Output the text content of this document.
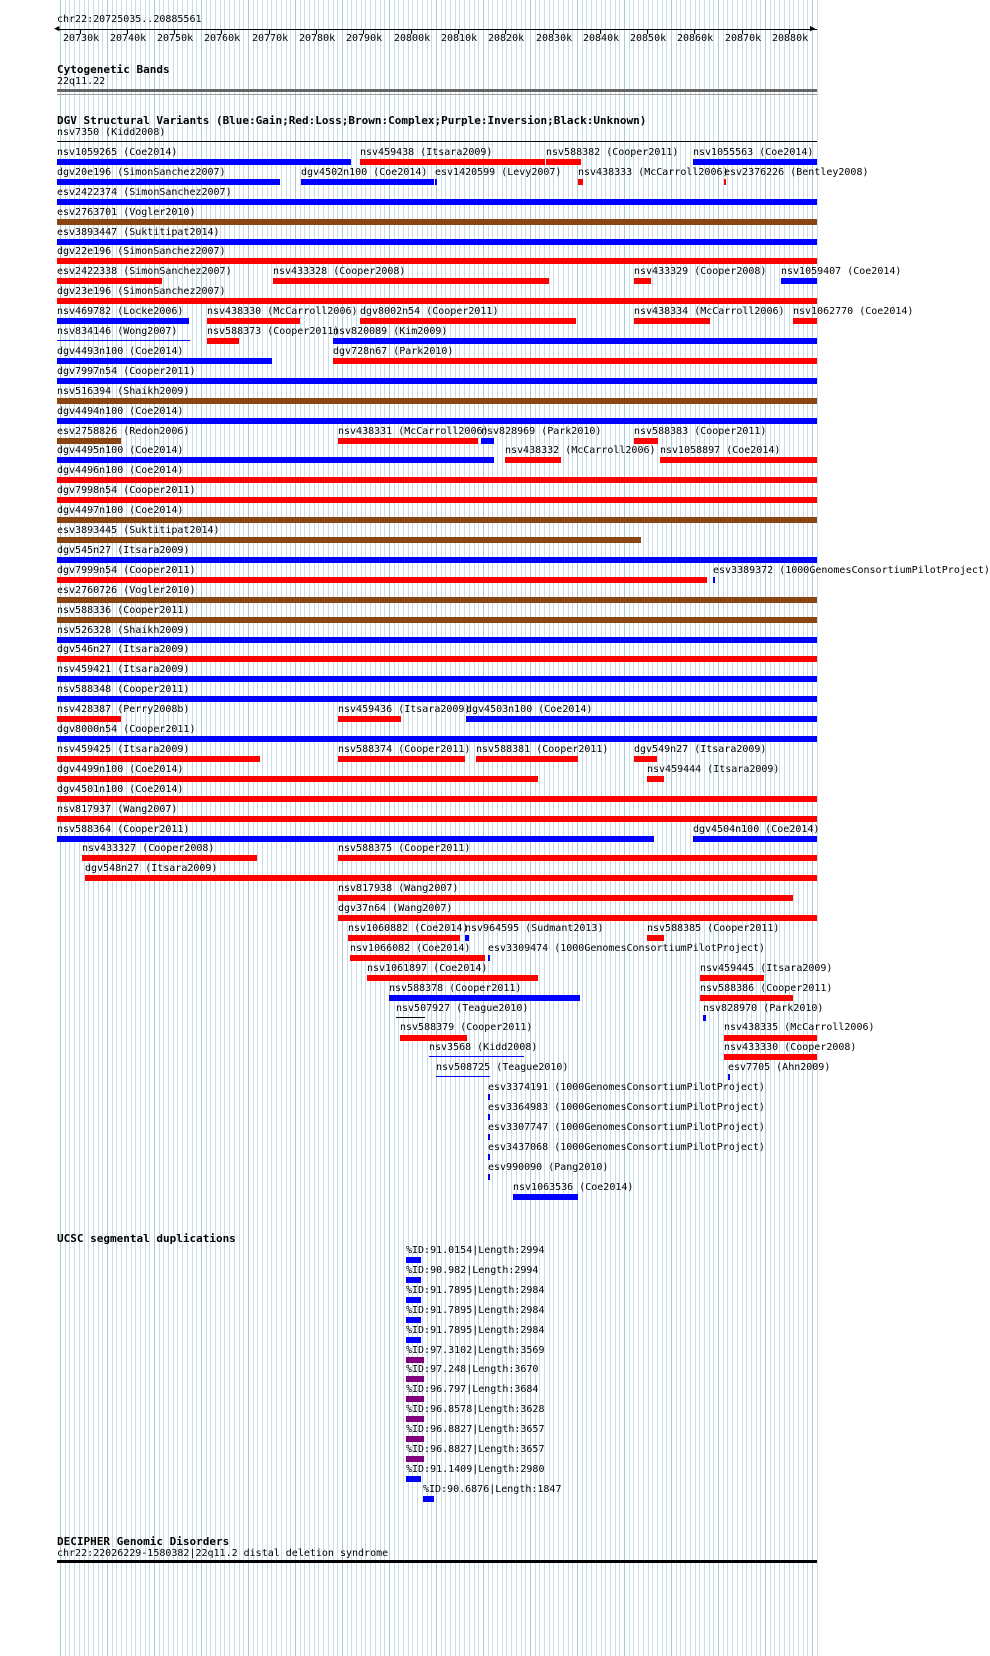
chr22:20725035..20885561
◀	▶
20730k 20740k 20750k 20760k 20770k 20780k 20790k 20800k 20810k 20820k 20830k 20840k 20850k 20860k 20870k 20880k
Cytogenetic Bands
22q11.22
DGV Structural Variants (Blue:Gain;Red:Loss;Brown:Complex;Purple:Inversion;Black:Unknown)
nsv7350 (Kidd2008)
nsv1059265 (Coe2014)	nsv459438 (Itsara2009)	nsv588382 (Cooper2011) nsv1055563 (Coe2014)
dgv20e196 (SimonSanchez2007)	dgv4502n100 (Coe2014) esv1420599 (Levy2007) nsv438333 (McCarroll2006)
esv2376226 (Bentley2008)
esv2422374 (SimonSanchez2007)
esv2763701 (Vogler2010)
esv3893447 (Suktitipat2014)
dgv22e196 (SimonSanchez2007)
esv2422338 (SimonSanchez2007)	nsv433328 (Cooper2008)	nsv433329 (Cooper2008) nsv1059407 (Coe2014)
dgv23e196 (SimonSanchez2007)
nsv469782 (Locke2006) nsv438330 (McCarroll2006) dgv8002n54 (Cooper2011)	nsv438334 (McCarroll2006) nsv1062770 (Coe2014)
nsv834146 (Wong2007)	nsv588373 (Cooper2011)
nsv820089 (Kim2009)
dgv4493n100 (Coe2014)	dgv728n67 (Park2010)
dgv7997n54 (Cooper2011)
nsv516394 (Shaikh2009)
dgv4494n100 (Coe2014)
esv2758826 (Redon2006)	nsv438331 (McCarroll2006)
nsv828969 (Park2010)	nsv588383 (Cooper2011)
dgv4495n100 (Coe2014)	nsv438332 (McCarroll2006) nsv1058897 (Coe2014)
dgv4496n100 (Coe2014)
dgv7998n54 (Cooper2011)
dgv4497n100 (Coe2014)
esv3893445 (Suktitipat2014)
dgv545n27 (Itsara2009)
dgv7999n54 (Cooper2011)	esv3389372 (1000GenomesConsortiumPilotProject)
esv2760726 (Vogler2010)
nsv588336 (Cooper2011)
nsv526328 (Shaikh2009)
dgv546n27 (Itsara2009)
nsv459421 (Itsara2009)
nsv588348 (Cooper2011)
nsv428387 (Perry2008b)	nsv459436 (Itsara2009)
dgv4503n100 (Coe2014)
dgv8000n54 (Cooper2011)
nsv459425 (Itsara2009)	nsv588374 (Cooper2011) nsv588381 (Cooper2011)	dgv549n27 (Itsara2009)
dgv4499n100 (Coe2014)	nsv459444 (Itsara2009)
dgv4501n100 (Coe2014)
nsv817937 (Wang2007)
nsv588364 (Cooper2011)	dgv4504n100 (Coe2014)
nsv433327 (Cooper2008)	nsv588375 (Cooper2011)
dgv548n27 (Itsara2009)
nsv817938 (Wang2007)
dgv37n64 (Wang2007)
nsv1060882 (Coe2014)
nsv964595 (Sudmant2013)	nsv588385 (Cooper2011)
nsv1066082 (Coe2014) esv3309474 (1000GenomesConsortiumPilotProject)
nsv1061897 (Coe2014)	nsv459445 (Itsara2009)
nsv588378 (Cooper2011)	nsv588386 (Cooper2011)
nsv507927 (Teague2010)	nsv828970 (Park2010)
nsv588379 (Cooper2011)	nsv438335 (McCarroll2006)
nsv3568 (Kidd2008)	nsv433330 (Cooper2008)
nsv508725 (Teague2010)	esv7705 (Ahn2009)
esv3374191 (1000GenomesConsortiumPilotProject)
esv3364983 (1000GenomesConsortiumPilotProject)
esv3307747 (1000GenomesConsortiumPilotProject)
esv3437068 (1000GenomesConsortiumPilotProject)
esv990090 (Pang2010)
nsv1063536 (Coe2014)
UCSC segmental duplications
%ID:91.0154|Length:2994
%ID:90.982|Length:2994
%ID:91.7895|Length:2984
%ID:91.7895|Length:2984
%ID:91.7895|Length:2984
%ID:97.3102|Length:3569
%ID:97.248|Length:3670
%ID:96.797|Length:3684
%ID:96.8578|Length:3628
%ID:96.8827|Length:3657
%ID:96.8827|Length:3657
%ID:91.1409|Length:2980
%ID:90.6876|Length:1847
DECIPHER Genomic Disorders
chr22:22026229-1580382|22q11.2 distal deletion syndrome
